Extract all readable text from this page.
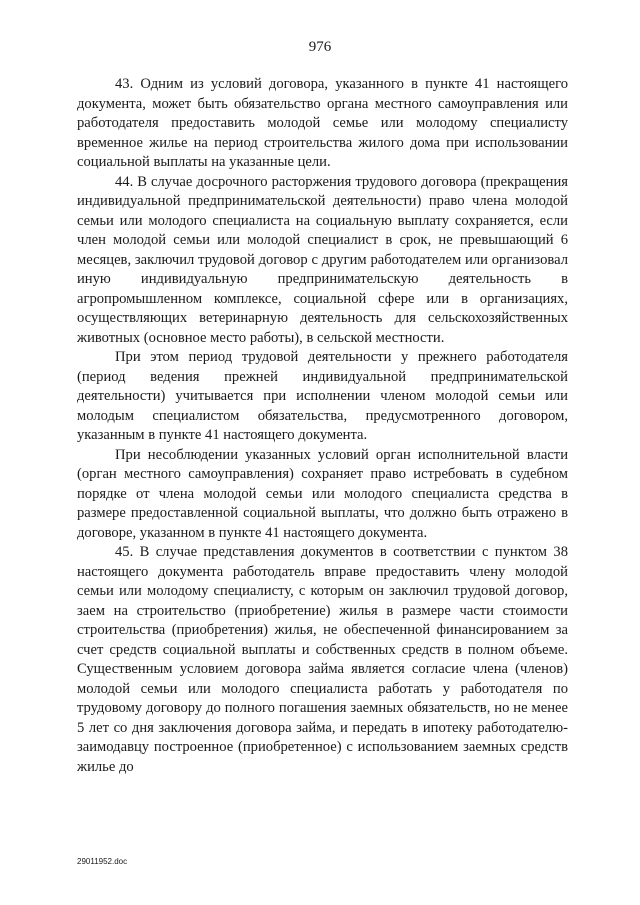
976

43. Одним из условий договора, указанного в пункте 41 настоящего документа, может быть обязательство органа местного самоуправления или работодателя предоставить молодой семье или молодому специалисту временное жилье на период строительства жилого дома при использовании социальной выплаты на указанные цели.

44. В случае досрочного расторжения трудового договора (прекращения индивидуальной предпринимательской деятельности) право члена молодой семьи или молодого специалиста на социальную выплату сохраняется, если член молодой семьи или молодой специалист в срок, не превышающий 6 месяцев, заключил трудовой договор с другим работодателем или организовал иную индивидуальную предпринимательскую деятельность в агропромышленном комплексе, социальной сфере или в организациях, осуществляющих ветеринарную деятельность для сельскохозяйственных животных (основное место работы), в сельской местности.

При этом период трудовой деятельности у прежнего работодателя (период ведения прежней индивидуальной предпринимательской деятельности) учитывается при исполнении членом молодой семьи или молодым специалистом обязательства, предусмотренного договором, указанным в пункте 41 настоящего документа.

При несоблюдении указанных условий орган исполнительной власти (орган местного самоуправления) сохраняет право истребовать в судебном порядке от члена молодой семьи или молодого специалиста средства в размере предоставленной социальной выплаты, что должно быть отражено в договоре, указанном в пункте 41 настоящего документа.

45. В случае представления документов в соответствии с пунктом 38 настоящего документа работодатель вправе предоставить члену молодой семьи или молодому специалисту, с которым он заключил трудовой договор, заем на строительство (приобретение) жилья в размере части стоимости строительства (приобретения) жилья, не обеспеченной финансированием за счет средств социальной выплаты и собственных средств в полном объеме. Существенным условием договора займа является согласие члена (членов) молодой семьи или молодого специалиста работать у работодателя по трудовому договору до полного погашения заемных обязательств, но не менее 5 лет со дня заключения договора займа, и передать в ипотеку работодателю-заимодавцу построенное (приобретенное) с использованием заемных средств жилье до

29011952.doc
